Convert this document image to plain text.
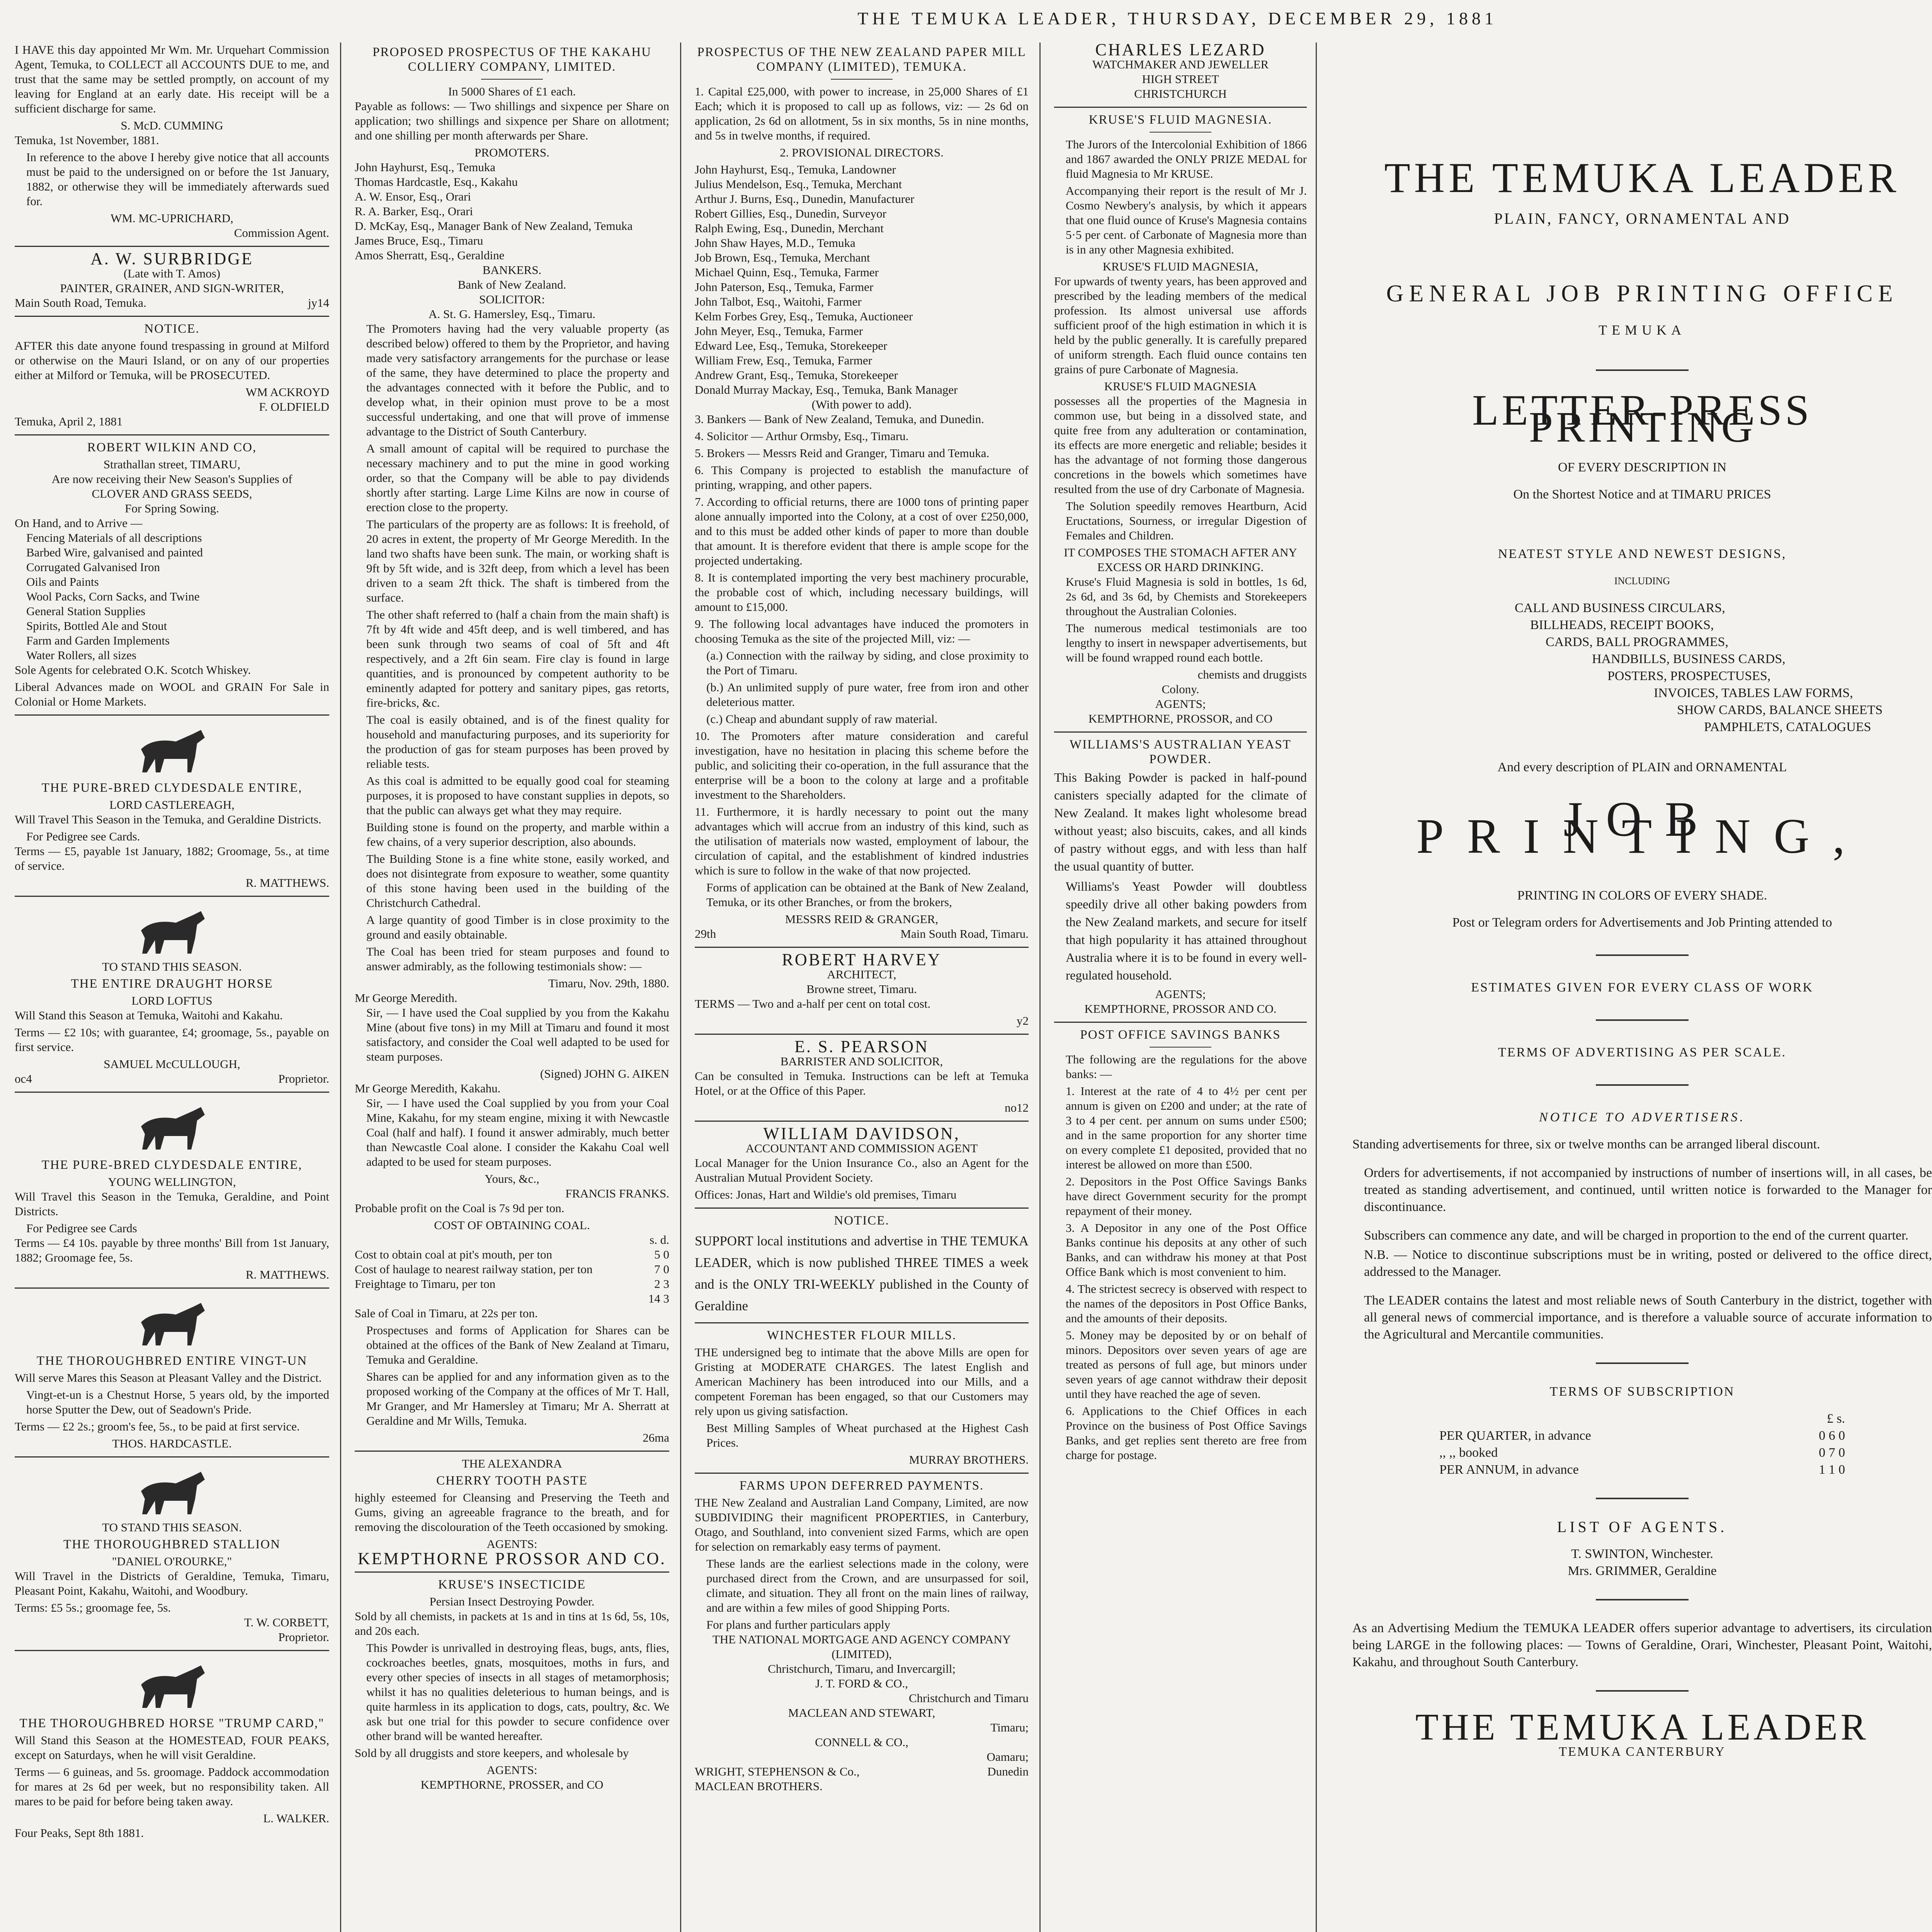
THE TEMUKA LEADER, THURSDAY, DECEMBER 29, 1881
I HAVE this day appointed Mr Wm. Mr. Urquehart Commission Agent, Temuka, to COLLECT all ACCOUNTS DUE to me, and trust that the same may be settled promptly, on account of my leaving for England at an early date. His receipt will be a sufficient discharge for same.
S. McD. CUMMING
Temuka, 1st November, 1881.
In reference to the above I hereby give notice that all accounts must be paid to the undersigned on or before the 1st January, 1882, or otherwise they will be immediately afterwards sued for.
WM. MC-UPRICHARD,
Commission Agent.
A. W. SURBRIDGE
(Late with T. Amos)
PAINTER, GRAINER, AND SIGN-WRITER,
Main South Road, Temuka.	jy14
NOTICE.
AFTER this date anyone found trespassing in ground at Milford or otherwise on the Mauri Island, or on any of our properties either at Milford or Temuka, will be PROSECUTED.
WM ACKROYD
F. OLDFIELD
Temuka, April 2, 1881
ROBERT WILKIN AND CO,
Strathallan street, TIMARU,
Are now receiving their New Season's Supplies of
CLOVER AND GRASS SEEDS,
For Spring Sowing.
On Hand, and to Arrive —
Fencing Materials of all descriptions
Barbed Wire, galvanised and painted
Corrugated Galvanised Iron
Oils and Paints
Wool Packs, Corn Sacks, and Twine
General Station Supplies
Spirits, Bottled Ale and Stout
Farm and Garden Implements
Water Rollers, all sizes
Sole Agents for celebrated O.K. Scotch Whiskey.
Liberal Advances made on WOOL and GRAIN For Sale in Colonial or Home Markets.
THE PURE-BRED CLYDESDALE ENTIRE,
LORD CASTLEREAGH,
Will Travel This Season in the Temuka, and Geraldine Districts.
For Pedigree see Cards.
Terms — £5, payable 1st January, 1882; Groomage, 5s., at time of service.
R. MATTHEWS.
TO STAND THIS SEASON.
THE ENTIRE DRAUGHT HORSE
LORD LOFTUS
Will Stand this Season at Temuka, Waitohi and Kakahu.
Terms — £2 10s; with guarantee, £4; groomage, 5s., payable on first service.
SAMUEL McCULLOUGH,
oc4	Proprietor.
THE PURE-BRED CLYDESDALE ENTIRE,
YOUNG WELLINGTON,
Will Travel this Season in the Temuka, Geraldine, and Point Districts.
For Pedigree see Cards
Terms — £4 10s. payable by three months' Bill from 1st January, 1882; Groomage fee, 5s.
R. MATTHEWS.
THE THOROUGHBRED ENTIRE VINGT-UN
Will serve Mares this Season at Pleasant Valley and the District.
Vingt-et-un is a Chestnut Horse, 5 years old, by the imported horse Sputter the Dew, out of Seadown's Pride.
Terms — £2 2s.; groom's fee, 5s., to be paid at first service.
THOS. HARDCASTLE.
TO STAND THIS SEASON.
THE THOROUGHBRED STALLION
"DANIEL O'ROURKE,"
Will Travel in the Districts of Geraldine, Temuka, Timaru, Pleasant Point, Kakahu, Waitohi, and Woodbury.
Terms: £5 5s.; groomage fee, 5s.
T. W. CORBETT,
Proprietor.
THE THOROUGHBRED HORSE "TRUMP CARD,"
Will Stand this Season at the HOMESTEAD, FOUR PEAKS, except on Saturdays, when he will visit Geraldine.
Terms — 6 guineas, and 5s. groomage. Paddock accommodation for mares at 2s 6d per week, but no responsibility taken. All mares to be paid for before being taken away.
L. WALKER.
Four Peaks, Sept 8th 1881.
PROPOSED PROSPECTUS OF THE KAKAHU COLLIERY COMPANY, LIMITED.
In 5000 Shares of £1 each.
Payable as follows: — Two shillings and sixpence per Share on application; two shillings and sixpence per Share on allotment; and one shilling per month afterwards per Share.
PROMOTERS.
John Hayhurst, Esq., Temuka
Thomas Hardcastle, Esq., Kakahu
A. W. Ensor, Esq., Orari
R. A. Barker, Esq., Orari
D. McKay, Esq., Manager Bank of New Zealand, Temuka
James Bruce, Esq., Timaru
Amos Sherratt, Esq., Geraldine
BANKERS.
Bank of New Zealand.
SOLICITOR:
A. St. G. Hamersley, Esq., Timaru.
The Promoters having had the very valuable property (as described below) offered to them by the Proprietor, and having made very satisfactory arrangements for the purchase or lease of the same, they have determined to place the property and the advantages connected with it before the Public, and to develop what, in their opinion must prove to be a most successful undertaking, and one that will prove of immense advantage to the District of South Canterbury.
A small amount of capital will be required to purchase the necessary machinery and to put the mine in good working order, so that the Company will be able to pay dividends shortly after starting. Large Lime Kilns are now in course of erection close to the property.
The particulars of the property are as follows: It is freehold, of 20 acres in extent, the property of Mr George Meredith. In the land two shafts have been sunk. The main, or working shaft is 9ft by 5ft wide, and is 32ft deep, from which a level has been driven to a seam 2ft thick. The shaft is timbered from the surface.
The other shaft referred to (half a chain from the main shaft) is 7ft by 4ft wide and 45ft deep, and is well timbered, and has been sunk through two seams of coal of 5ft and 4ft respectively, and a 2ft 6in seam. Fire clay is found in large quantities, and is pronounced by competent authority to be eminently adapted for pottery and sanitary pipes, gas retorts, fire-bricks, &c.
The coal is easily obtained, and is of the finest quality for household and manufacturing purposes, and its superiority for the production of gas for steam purposes has been proved by reliable tests.
As this coal is admitted to be equally good coal for steaming purposes, it is proposed to have constant supplies in depots, so that the public can always get what they may require.
Building stone is found on the property, and marble within a few chains, of a very superior description, also abounds.
The Building Stone is a fine white stone, easily worked, and does not disintegrate from exposure to weather, some quantity of this stone having been used in the building of the Christchurch Cathedral.
A large quantity of good Timber is in close proximity to the ground and easily obtainable.
The Coal has been tried for steam purposes and found to answer admirably, as the following testimonials show: —
Timaru, Nov. 29th, 1880.
Mr George Meredith.
Sir, — I have used the Coal supplied by you from the Kakahu Mine (about five tons) in my Mill at Timaru and found it most satisfactory, and consider the Coal well adapted to be used for steam purposes.
(Signed) JOHN G. AIKEN
Mr George Meredith, Kakahu.
Sir, — I have used the Coal supplied by you from your Coal Mine, Kakahu, for my steam engine, mixing it with Newcastle Coal (half and half). I found it answer admirably, much better than Newcastle Coal alone. I consider the Kakahu Coal well adapted to be used for steam purposes.
Yours, &c.,
FRANCIS FRANKS.
Probable profit on the Coal is 7s 9d per ton.
COST OF OBTAINING COAL.
s. d.
Cost to obtain coal at pit's mouth, per ton	5 0
Cost of haulage to nearest railway station, per ton	7 0
Freightage to Timaru, per ton	2 3
14 3
Sale of Coal in Timaru, at 22s per ton.
Prospectuses and forms of Application for Shares can be obtained at the offices of the Bank of New Zealand at Timaru, Temuka and Geraldine.
Shares can be applied for and any information given as to the proposed working of the Company at the offices of Mr T. Hall, Mr Granger, and Mr Hamersley at Timaru; Mr A. Sherratt at Geraldine and Mr Wills, Temuka.
26ma
THE ALEXANDRA
CHERRY TOOTH PASTE
highly esteemed for Cleansing and Preserving the Teeth and Gums, giving an agreeable fragrance to the breath, and for removing the discolouration of the Teeth occasioned by smoking.
AGENTS:
KEMPTHORNE PROSSOR AND CO.
KRUSE'S INSECTICIDE
Persian Insect Destroying Powder.
Sold by all chemists, in packets at 1s and in tins at 1s 6d, 5s, 10s, and 20s each.
This Powder is unrivalled in destroying fleas, bugs, ants, flies, cockroaches beetles, gnats, mosquitoes, moths in furs, and every other species of insects in all stages of metamorphosis; whilst it has no qualities deleterious to human beings, and is quite harmless in its application to dogs, cats, poultry, &c. We ask but one trial for this powder to secure confidence over other brand will be wanted hereafter.
Sold by all druggists and store keepers, and wholesale by
AGENTS:
KEMPTHORNE, PROSSER, and CO
PROSPECTUS OF THE NEW ZEALAND PAPER MILL COMPANY (LIMITED), TEMUKA.
1. Capital £25,000, with power to increase, in 25,000 Shares of £1 Each; which it is proposed to call up as follows, viz: — 2s 6d on application, 2s 6d on allotment, 5s in six months, 5s in nine months, and 5s in twelve months, if required.
2. PROVISIONAL DIRECTORS.
John Hayhurst, Esq., Temuka, Landowner
Julius Mendelson, Esq., Temuka, Merchant
Arthur J. Burns, Esq., Dunedin, Manufacturer
Robert Gillies, Esq., Dunedin, Surveyor
Ralph Ewing, Esq., Dunedin, Merchant
John Shaw Hayes, M.D., Temuka
Job Brown, Esq., Temuka, Merchant
Michael Quinn, Esq., Temuka, Farmer
John Paterson, Esq., Temuka, Farmer
John Talbot, Esq., Waitohi, Farmer
Kelm Forbes Grey, Esq., Temuka, Auctioneer
John Meyer, Esq., Temuka, Farmer
Edward Lee, Esq., Temuka, Storekeeper
William Frew, Esq., Temuka, Farmer
Andrew Grant, Esq., Temuka, Storekeeper
Donald Murray Mackay, Esq., Temuka, Bank Manager
(With power to add).
3. Bankers — Bank of New Zealand, Temuka, and Dunedin.
4. Solicitor — Arthur Ormsby, Esq., Timaru.
5. Brokers — Messrs Reid and Granger, Timaru and Temuka.
6. This Company is projected to establish the manufacture of printing, wrapping, and other papers.
7. According to official returns, there are 1000 tons of printing paper alone annually imported into the Colony, at a cost of over £250,000, and to this must be added other kinds of paper to more than double that amount. It is therefore evident that there is ample scope for the projected undertaking.
8. It is contemplated importing the very best machinery procurable, the probable cost of which, including necessary buildings, will amount to £15,000.
9. The following local advantages have induced the promoters in choosing Temuka as the site of the projected Mill, viz: —
(a.) Connection with the railway by siding, and close proximity to the Port of Timaru.
(b.) An unlimited supply of pure water, free from iron and other deleterious matter.
(c.) Cheap and abundant supply of raw material.
10. The Promoters after mature consideration and careful investigation, have no hesitation in placing this scheme before the public, and soliciting their co-operation, in the full assurance that the enterprise will be a boon to the colony at large and a profitable investment to the Shareholders.
11. Furthermore, it is hardly necessary to point out the many advantages which will accrue from an industry of this kind, such as the utilisation of materials now wasted, employment of labour, the circulation of capital, and the establishment of kindred industries which is sure to follow in the wake of that now projected.
Forms of application can be obtained at the Bank of New Zealand, Temuka, or its other Branches, or from the brokers,
MESSRS REID & GRANGER,
29th	Main South Road, Timaru.
ROBERT HARVEY
ARCHITECT,
Browne street, Timaru.
TERMS — Two and a-half per cent on total cost.
y2
E. S. PEARSON
BARRISTER AND SOLICITOR,
Can be consulted in Temuka. Instructions can be left at Temuka Hotel, or at the Office of this Paper.
no12
WILLIAM DAVIDSON,
ACCOUNTANT AND COMMISSION AGENT
Local Manager for the Union Insurance Co., also an Agent for the Australian Mutual Provident Society.
Offices: Jonas, Hart and Wildie's old premises, Timaru
NOTICE.
SUPPORT local institutions and advertise in THE TEMUKA LEADER, which is now published THREE TIMES a week and is the ONLY TRI-WEEKLY published in the County of Geraldine
WINCHESTER FLOUR MILLS.
THE undersigned beg to intimate that the above Mills are open for Gristing at MODERATE CHARGES. The latest English and American Machinery has been introduced into our Mills, and a competent Foreman has been engaged, so that our Customers may rely upon us giving satisfaction.
Best Milling Samples of Wheat purchased at the Highest Cash Prices.
MURRAY BROTHERS.
FARMS UPON DEFERRED PAYMENTS.
THE New Zealand and Australian Land Company, Limited, are now SUBDIVIDING their magnificent PROPERTIES, in Canterbury, Otago, and Southland, into convenient sized Farms, which are open for selection on remarkably easy terms of payment.
These lands are the earliest selections made in the colony, were purchased direct from the Crown, and are unsurpassed for soil, climate, and situation. They all front on the main lines of railway, and are within a few miles of good Shipping Ports.
For plans and further particulars apply
THE NATIONAL MORTGAGE AND AGENCY COMPANY (LIMITED),
Christchurch, Timaru, and Invercargill;
J. T. FORD & CO.,
Christchurch and Timaru
MACLEAN AND STEWART,
Timaru;
CONNELL & CO.,
Oamaru;
WRIGHT, STEPHENSON & Co.,
MACLEAN BROTHERS.
Dunedin
CHARLES LEZARD
WATCHMAKER AND JEWELLER
HIGH STREET
CHRISTCHURCH
KRUSE'S FLUID MAGNESIA.
The Jurors of the Intercolonial Exhibition of 1866 and 1867 awarded the ONLY PRIZE MEDAL for fluid Magnesia to Mr KRUSE.
Accompanying their report is the result of Mr J. Cosmo Newbery's analysis, by which it appears that one fluid ounce of Kruse's Magnesia contains 5·5 per cent. of Carbonate of Magnesia more than is in any other Magnesia exhibited.
KRUSE'S FLUID MAGNESIA,
For upwards of twenty years, has been approved and prescribed by the leading members of the medical profession. Its almost universal use affords sufficient proof of the high estimation in which it is held by the public generally. It is carefully prepared of uniform strength. Each fluid ounce contains ten grains of pure Carbonate of Magnesia.
KRUSE'S FLUID MAGNESIA
possesses all the properties of the Magnesia in common use, but being in a dissolved state, and quite free from any adulteration or contamination, its effects are more energetic and reliable; besides it has the advantage of not forming those dangerous concretions in the bowels which sometimes have resulted from the use of dry Carbonate of Magnesia.
The Solution speedily removes Heartburn, Acid Eructations, Sourness, or irregular Digestion of Females and Children.
IT COMPOSES THE STOMACH AFTER ANY EXCESS OR HARD DRINKING.
Kruse's Fluid Magnesia is sold in bottles, 1s 6d, 2s 6d, and 3s 6d, by Chemists and Storekeepers throughout the Australian Colonies.
The numerous medical testimonials are too lengthy to insert in newspaper advertisements, but will be found wrapped round each bottle.
chemists and druggists
Colony.
AGENTS;
KEMPTHORNE, PROSSOR, and CO
WILLIAMS'S AUSTRALIAN YEAST POWDER.
This Baking Powder is packed in half-pound canisters specially adapted for the climate of New Zealand. It makes light wholesome bread without yeast; also biscuits, cakes, and all kinds of pastry without eggs, and with less than half the usual quantity of butter.
Williams's Yeast Powder will doubtless speedily drive all other baking powders from the New Zealand markets, and secure for itself that high popularity it has attained throughout Australia where it is to be found in every well-regulated household.
AGENTS;
KEMPTHORNE, PROSSOR AND CO.
POST OFFICE SAVINGS BANKS
The following are the regulations for the above banks: —
1. Interest at the rate of 4 to 4½ per cent per annum is given on £200 and under; at the rate of 3 to 4 per cent. per annum on sums under £500; and in the same proportion for any shorter time on every complete £1 deposited, provided that no interest be allowed on more than £500.
2. Depositors in the Post Office Savings Banks have direct Government security for the prompt repayment of their money.
3. A Depositor in any one of the Post Office Banks continue his deposits at any other of such Banks, and can withdraw his money at that Post Office Bank which is most convenient to him.
4. The strictest secrecy is observed with respect to the names of the depositors in Post Office Banks, and the amounts of their deposits.
5. Money may be deposited by or on behalf of minors. Depositors over seven years of age are treated as persons of full age, but minors under seven years of age cannot withdraw their deposit until they have reached the age of seven.
6. Applications to the Chief Offices in each Province on the business of Post Office Savings Banks, and get replies sent thereto are free from charge for postage.
THE TEMUKA LEADER
PLAIN, FANCY, ORNAMENTAL AND
GENERAL JOB PRINTING OFFICE
TEMUKA
LETTER-PRESS PRINTING
OF EVERY DESCRIPTION IN
On the Shortest Notice and at TIMARU PRICES
NEATEST STYLE AND NEWEST DESIGNS,
INCLUDING
CALL AND BUSINESS CIRCULARS,
BILLHEADS, RECEIPT BOOKS,
CARDS, BALL PROGRAMMES,
HANDBILLS, BUSINESS CARDS,
POSTERS, PROSPECTUSES,
INVOICES, TABLES LAW FORMS,
SHOW CARDS, BALANCE SHEETS
PAMPHLETS, CATALOGUES
And every description of PLAIN and ORNAMENTAL
JOB PRINTING,
PRINTING IN COLORS OF EVERY SHADE.
Post or Telegram orders for Advertisements and Job Printing attended to
ESTIMATES GIVEN FOR EVERY CLASS OF WORK
TERMS OF ADVERTISING AS PER SCALE.
NOTICE TO ADVERTISERS.
Standing advertisements for three, six or twelve months can be arranged liberal discount.
Orders for advertisements, if not accompanied by instructions of number of insertions will, in all cases, be treated as standing advertisement, and continued, until written notice is forwarded to the Manager for discontinuance.
Subscribers can commence any date, and will be charged in proportion to the end of the current quarter.
N.B. — Notice to discontinue subscriptions must be in writing, posted or delivered to the office direct, addressed to the Manager.
The LEADER contains the latest and most reliable news of South Canterbury in the district, together with all general news of commercial importance, and is therefore a valuable source of accurate information to the Agricultural and Mercantile communities.
TERMS OF SUBSCRIPTION
£ s.
PER QUARTER, in advance	0 6 0
,, ,, booked	0 7 0
PER ANNUM, in advance	1 1 0
LIST OF AGENTS.
T. SWINTON, Winchester.
Mrs. GRIMMER, Geraldine
As an Advertising Medium the TEMUKA LEADER offers superior advantage to advertisers, its circulation being LARGE in the following places: — Towns of Geraldine, Orari, Winchester, Pleasant Point, Waitohi, Kakahu, and throughout South Canterbury.
THE TEMUKA LEADER
TEMUKA CANTERBURY
